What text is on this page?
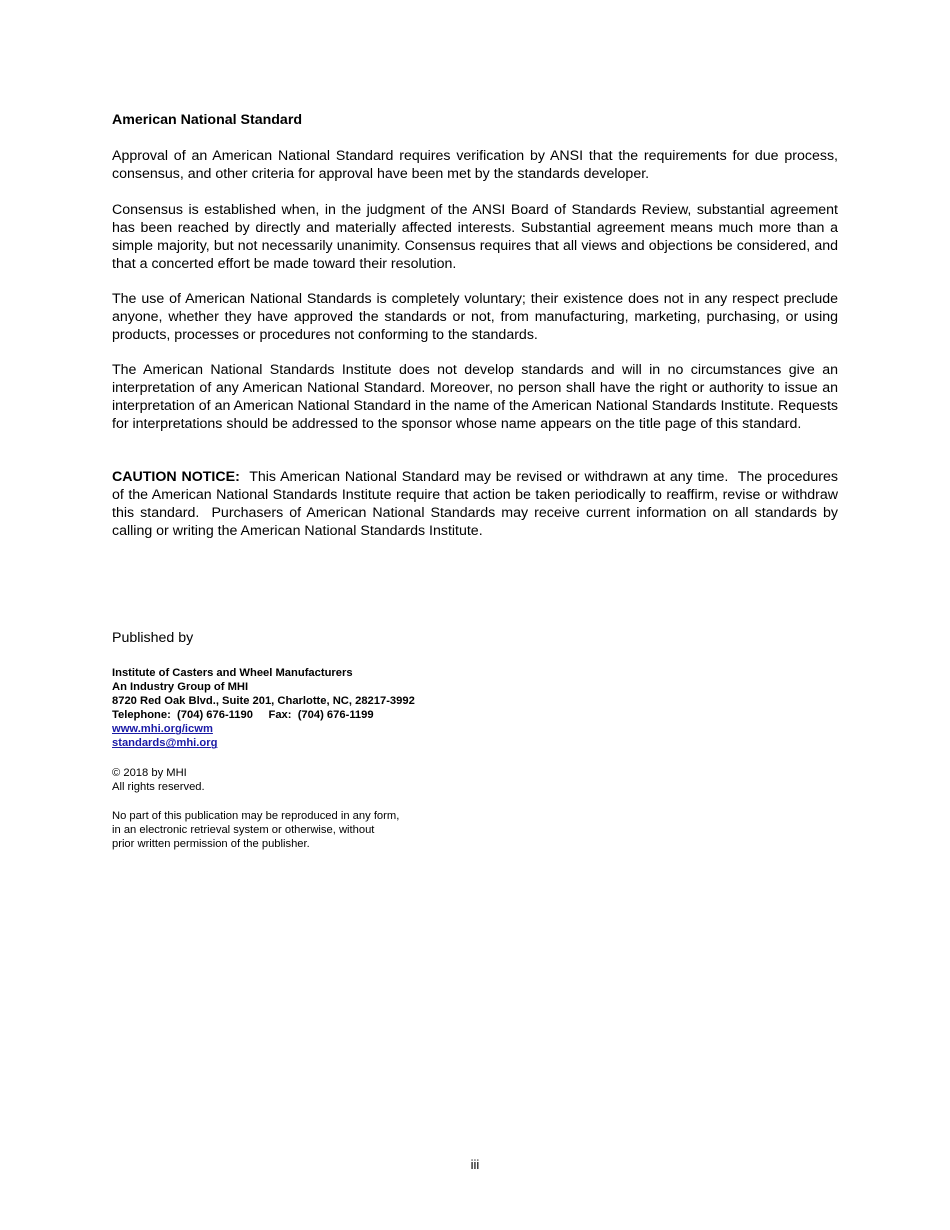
American National Standard

Approval of an American National Standard requires verification by ANSI that the requirements for due process, consensus, and other criteria for approval have been met by the standards developer.

Consensus is established when, in the judgment of the ANSI Board of Standards Review, substantial agreement has been reached by directly and materially affected interests. Substantial agreement means much more than a simple majority, but not necessarily unanimity. Consensus requires that all views and objections be considered, and that a concerted effort be made toward their resolution.

The use of American National Standards is completely voluntary; their existence does not in any respect preclude anyone, whether they have approved the standards or not, from manufacturing, marketing, purchasing, or using products, processes or procedures not conforming to the standards.

The American National Standards Institute does not develop standards and will in no circumstances give an interpretation of any American National Standard. Moreover, no person shall have the right or authority to issue an interpretation of an American National Standard in the name of the American National Standards Institute. Requests for interpretations should be addressed to the sponsor whose name appears on the title page of this standard.

CAUTION NOTICE:  This American National Standard may be revised or withdrawn at any time.  The procedures of the American National Standards Institute require that action be taken periodically to reaffirm, revise or withdraw this standard.  Purchasers of American National Standards may receive current information on all standards by calling or writing the American National Standards Institute.

Published by

Institute of Casters and Wheel Manufacturers
An Industry Group of MHI
8720 Red Oak Blvd., Suite 201, Charlotte, NC, 28217-3992
Telephone:  (704) 676-1190     Fax:  (704) 676-1199
www.mhi.org/icwm
standards@mhi.org
© 2018 by MHI
All rights reserved.
No part of this publication may be reproduced in any form,
in an electronic retrieval system or otherwise, without
prior written permission of the publisher.

iii
